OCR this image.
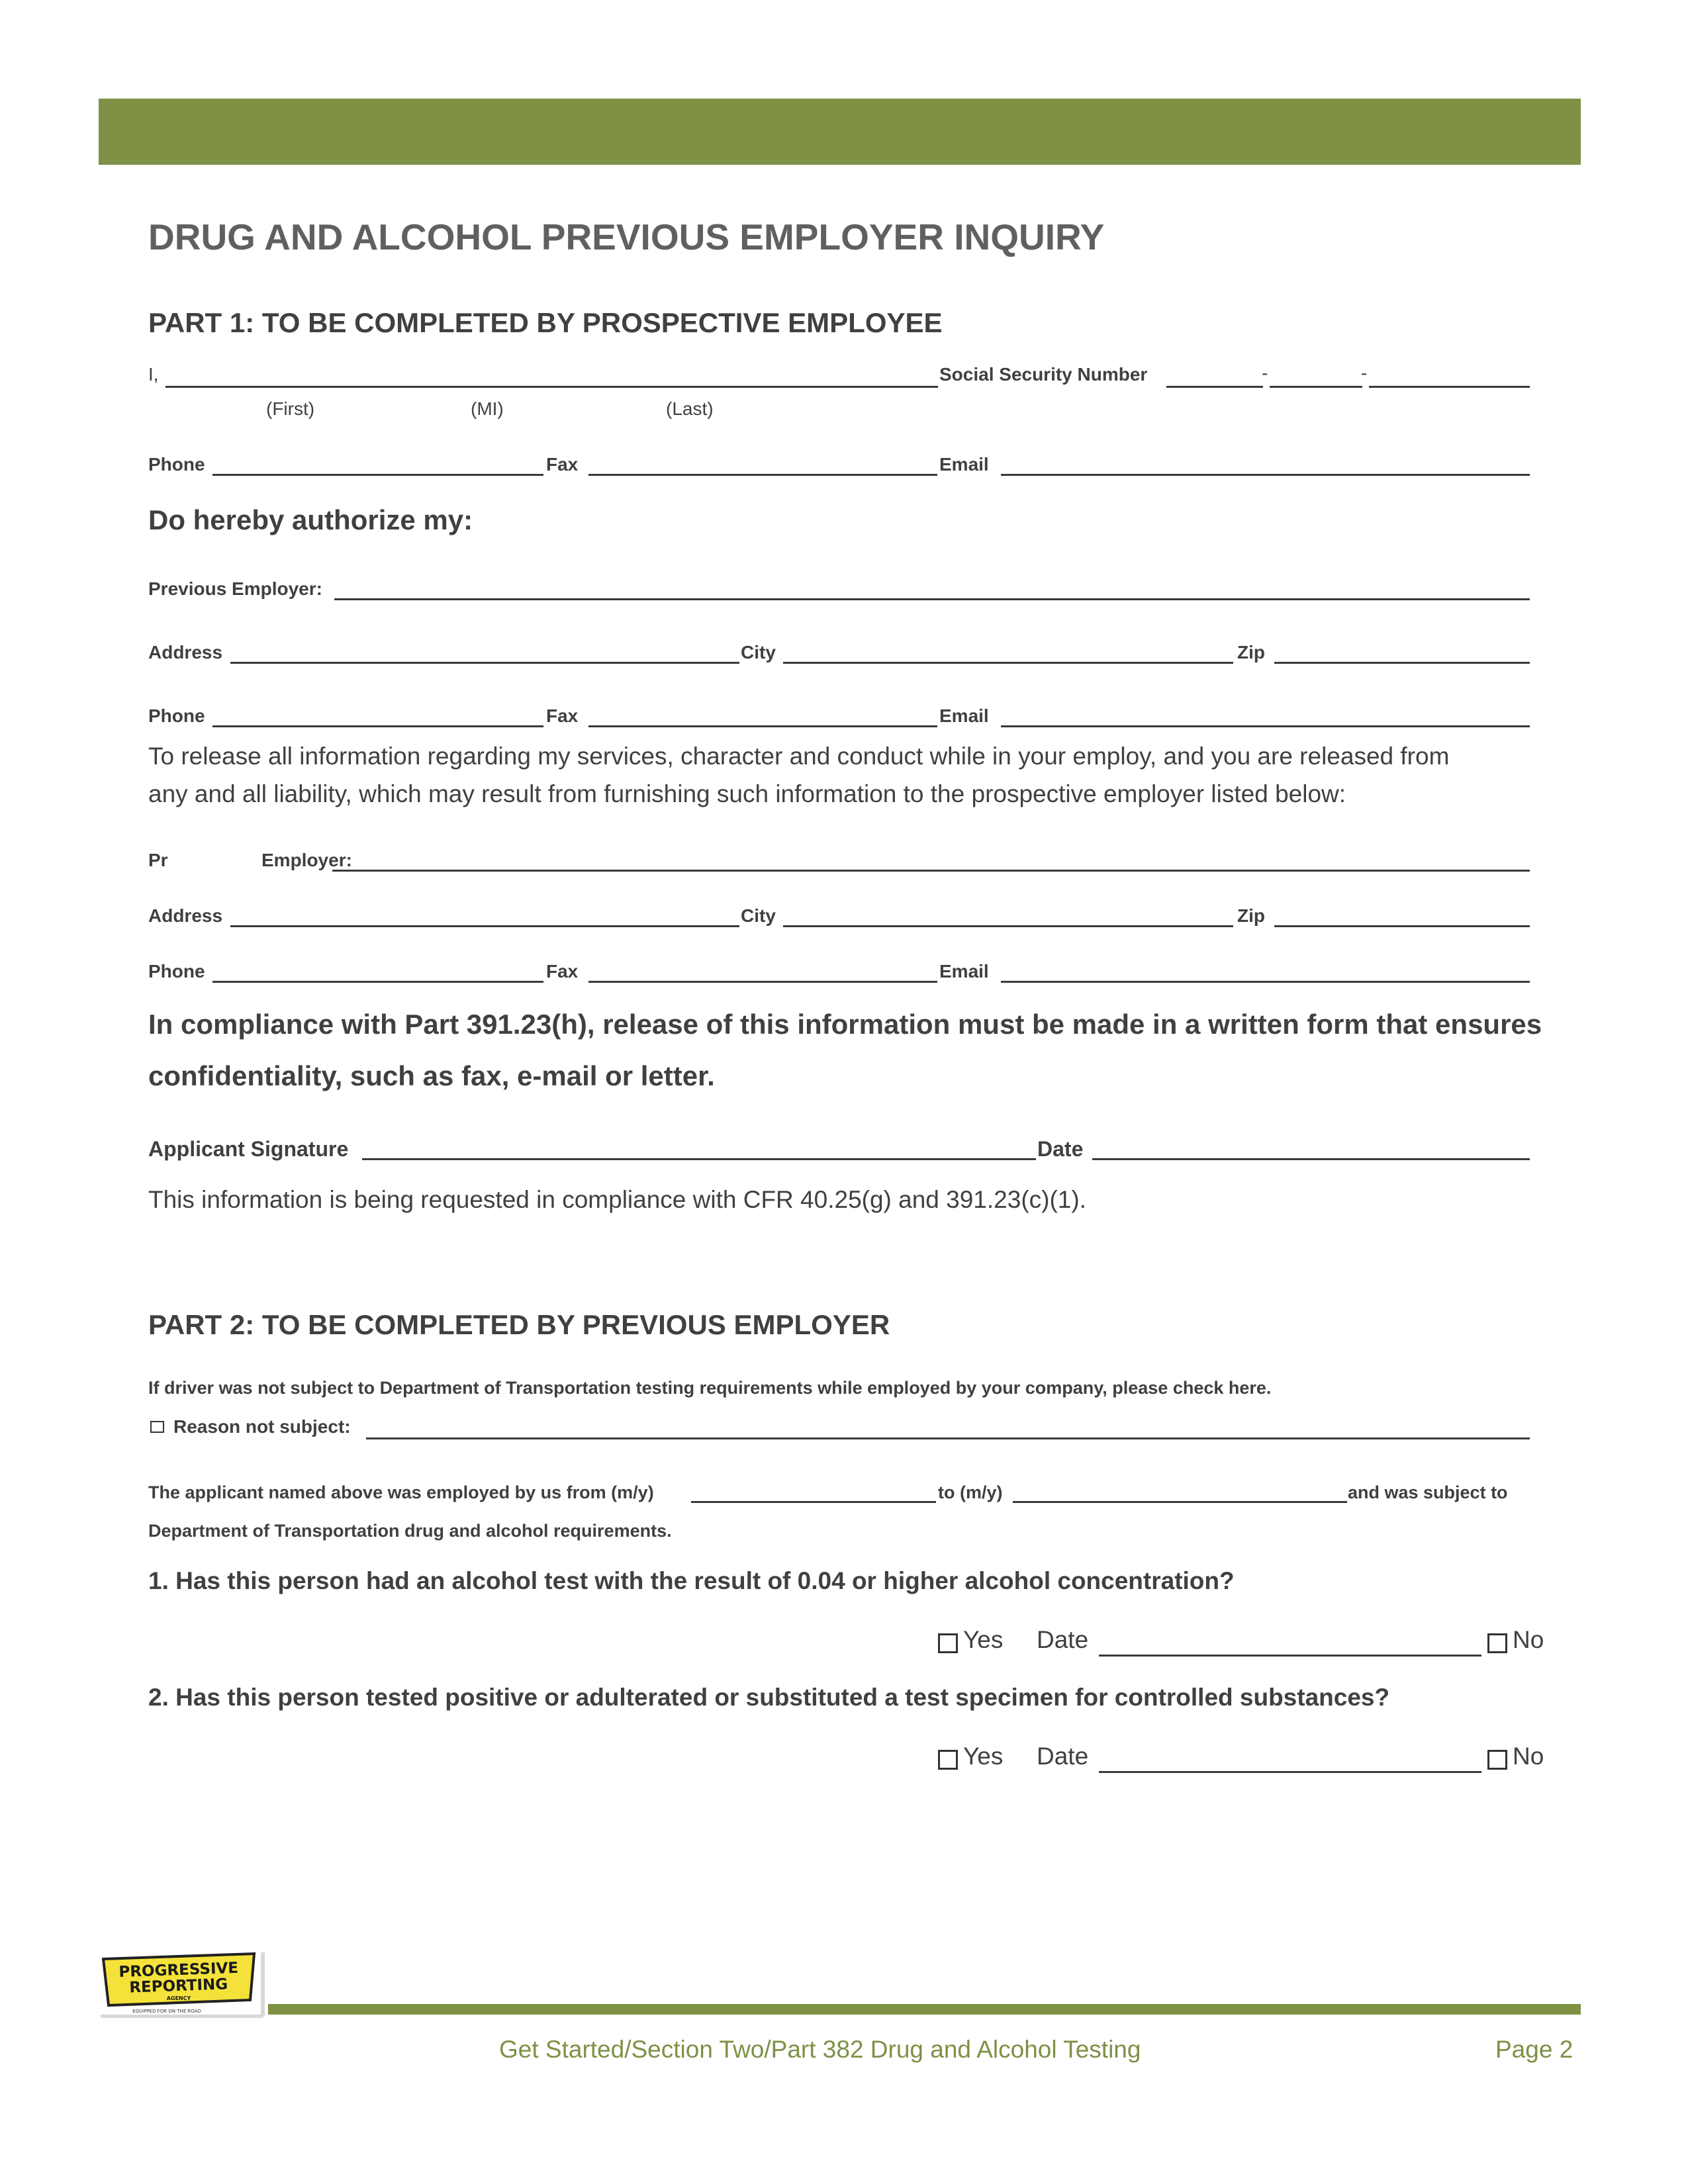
DRUG AND ALCOHOL PREVIOUS EMPLOYER INQUIRY
PART 1: TO BE COMPLETED BY PROSPECTIVE EMPLOYEE
I,	Social Security Number	-	-
(First)	(MI)	(Last)
Phone	Fax	Email
Do hereby authorize my:
Previous Employer:
Address	City	Zip
Phone	Fax	Email
To release all information regarding my services, character and conduct while in your employ, and you are released from
any and all liability, which may result from furnishing such information to the prospective employer listed below:
Pr	Employer:
Address	City	Zip
Phone	Fax	Email
In compliance with Part 391.23(h), release of this information must be made in a written form that ensures
confidentiality, such as fax, e-mail or letter.
Applicant Signature	Date
This information is being requested in compliance with CFR 40.25(g) and 391.23(c)(1).
PART 2: TO BE COMPLETED BY PREVIOUS EMPLOYER
If driver was not subject to Department of Transportation testing requirements while employed by your company, please check here.
Reason not subject:
The applicant named above was employed by us from (m/y)	to (m/y)	and was subject to
Department of Transportation drug and alcohol requirements.
1. Has this person had an alcohol test with the result of 0.04 or higher alcohol concentration?
Yes Date	No
2. Has this person tested positive or adulterated or substituted a test specimen for controlled substances?
Yes Date	No
PROGRESSIVE
REPORTING
AGENCY
EQUIPPED FOR ON THE ROAD
Get Started/Section Two/Part 382 Drug and Alcohol Testing	Page 2
